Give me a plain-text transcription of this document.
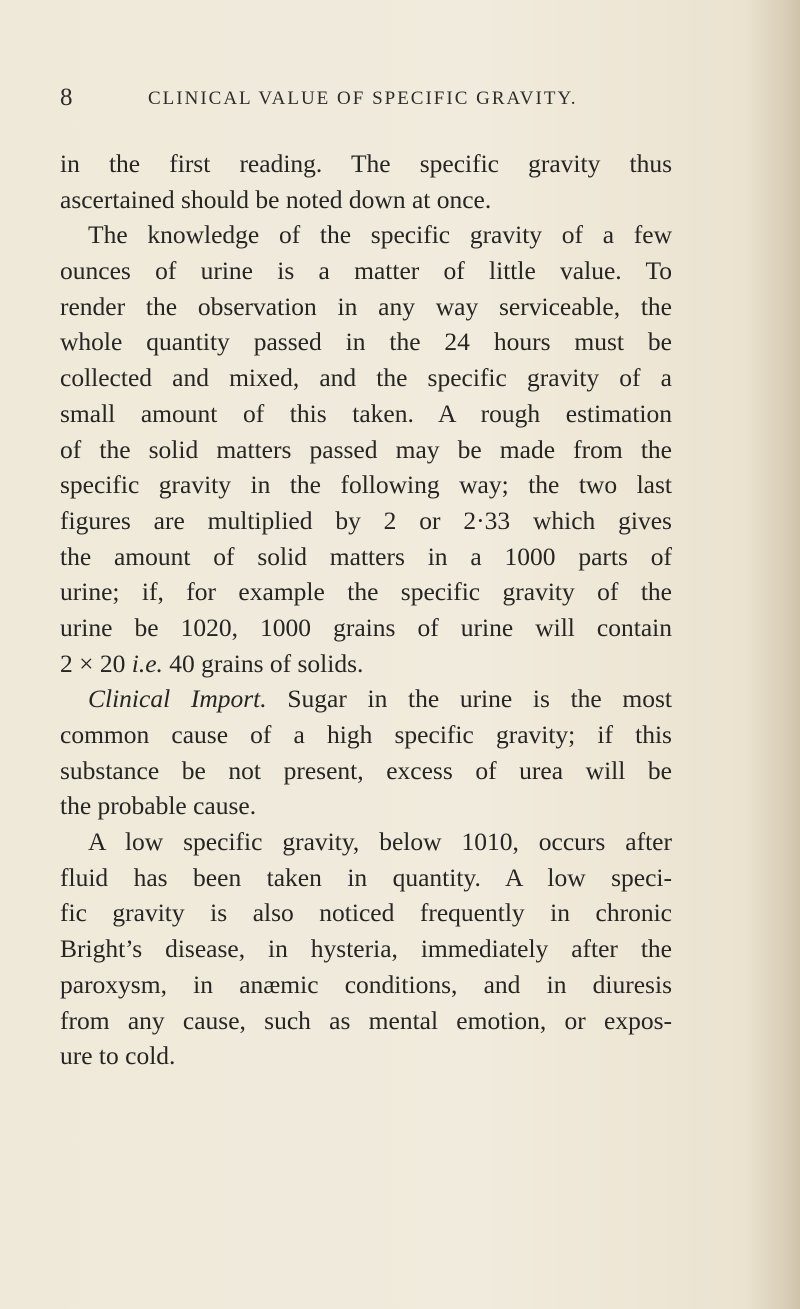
8	CLINICAL VALUE OF SPECIFIC GRAVITY.
in the first reading. The specific gravity thus
ascertained should be noted down at once.
The knowledge of the specific gravity of a few
ounces of urine is a matter of little value. To
render the observation in any way serviceable, the
whole quantity passed in the 24 hours must be
collected and mixed, and the specific gravity of a
small amount of this taken. A rough estimation
of the solid matters passed may be made from the
specific gravity in the following way; the two last
figures are multiplied by 2 or 2·33 which gives
the amount of solid matters in a 1000 parts of
urine; if, for example the specific gravity of the
urine be 1020, 1000 grains of urine will contain
2 × 20 i.e. 40 grains of solids.
Clinical Import. Sugar in the urine is the most
common cause of a high specific gravity; if this
substance be not present, excess of urea will be
the probable cause.
A low specific gravity, below 1010, occurs after
fluid has been taken in quantity. A low speci-
fic gravity is also noticed frequently in chronic
Bright’s disease, in hysteria, immediately after the
paroxysm, in anæmic conditions, and in diuresis
from any cause, such as mental emotion, or expos-
ure to cold.
